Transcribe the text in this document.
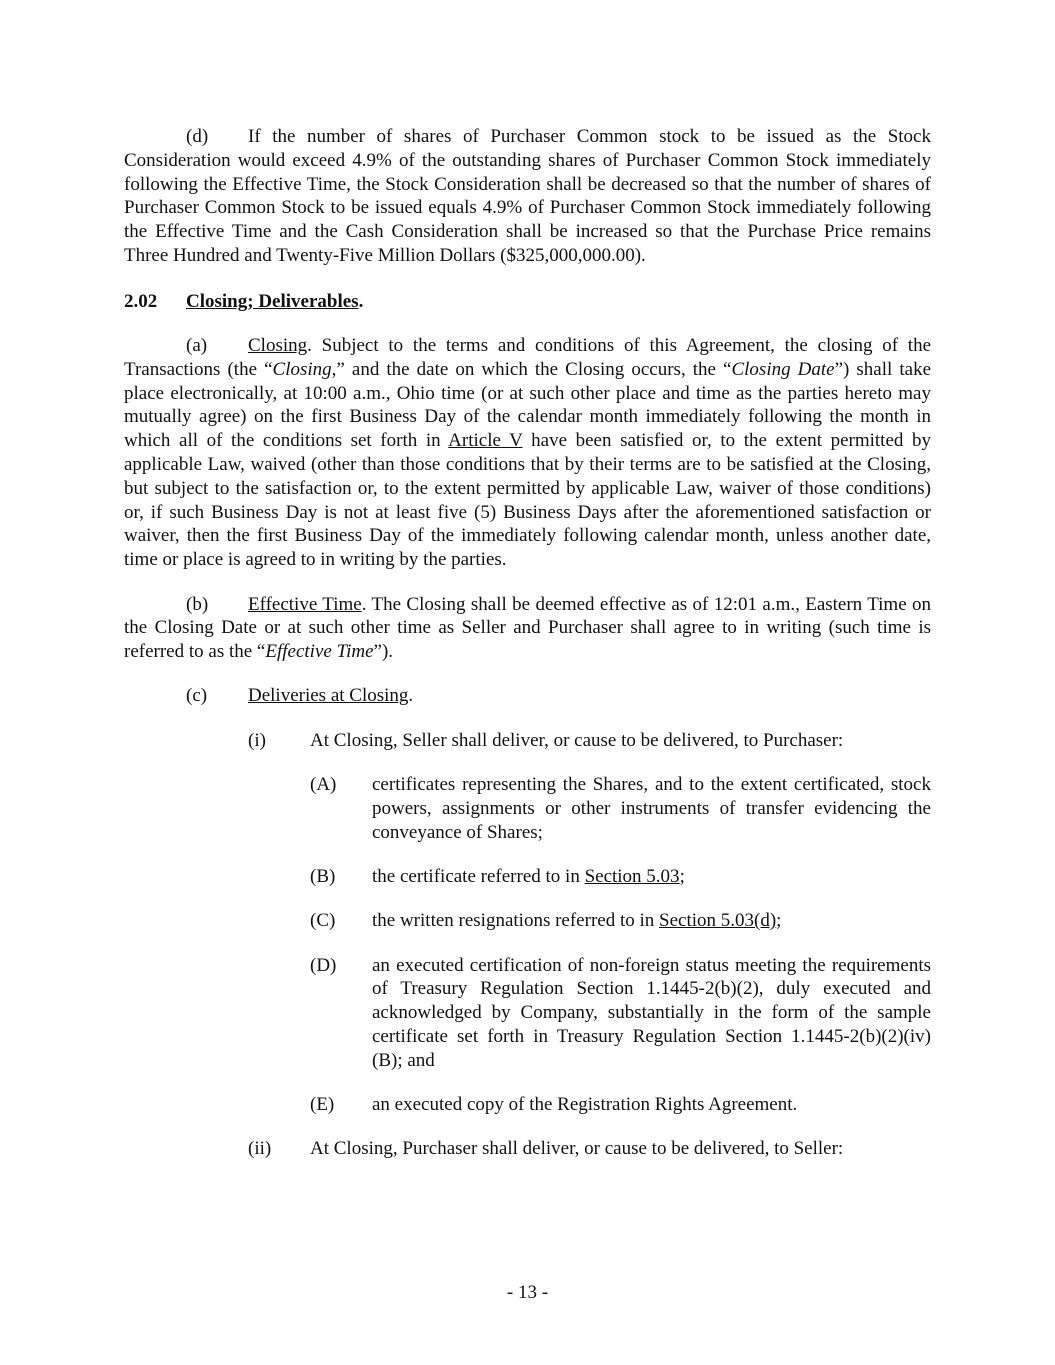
(d) If the number of shares of Purchaser Common stock to be issued as the Stock Consideration would exceed 4.9% of the outstanding shares of Purchaser Common Stock immediately following the Effective Time, the Stock Consideration shall be decreased so that the number of shares of Purchaser Common Stock to be issued equals 4.9% of Purchaser Common Stock immediately following the Effective Time and the Cash Consideration shall be increased so that the Purchase Price remains Three Hundred and Twenty-Five Million Dollars ($325,000,000.00).

2.02	Closing; Deliverables.

(a) Closing. Subject to the terms and conditions of this Agreement, the closing of the Transactions (the “Closing,” and the date on which the Closing occurs, the “Closing Date”) shall take place electronically, at 10:00 a.m., Ohio time (or at such other place and time as the parties hereto may mutually agree) on the first Business Day of the calendar month immediately following the month in which all of the conditions set forth in Article V have been satisfied or, to the extent permitted by applicable Law, waived (other than those conditions that by their terms are to be satisfied at the Closing, but subject to the satisfaction or, to the extent permitted by applicable Law, waiver of those conditions) or, if such Business Day is not at least five (5) Business Days after the aforementioned satisfaction or waiver, then the first Business Day of the immediately following calendar month, unless another date, time or place is agreed to in writing by the parties.

(b) Effective Time. The Closing shall be deemed effective as of 12:01 a.m., Eastern Time on the Closing Date or at such other time as Seller and Purchaser shall agree to in writing (such time is referred to as the “Effective Time”).

(c)	Deliveries at Closing.
(i)	At Closing, Seller shall deliver, or cause to be delivered, to Purchaser:
(A)	certificates representing the Shares, and to the extent certificated, stock powers, assignments or other instruments of transfer evidencing the conveyance of Shares;
(B)	the certificate referred to in Section 5.03;
(C)	the written resignations referred to in Section 5.03(d);
(D)	an executed certification of non-foreign status meeting the requirements of Treasury Regulation Section 1.1445-2(b)(2), duly executed and acknowledged by Company, substantially in the form of the sample certificate set forth in Treasury Regulation Section 1.1445-2(b)(2)(iv)(B); and
(E)	an executed copy of the Registration Rights Agreement.
(ii)	At Closing, Purchaser shall deliver, or cause to be delivered, to Seller:
- 13 -
